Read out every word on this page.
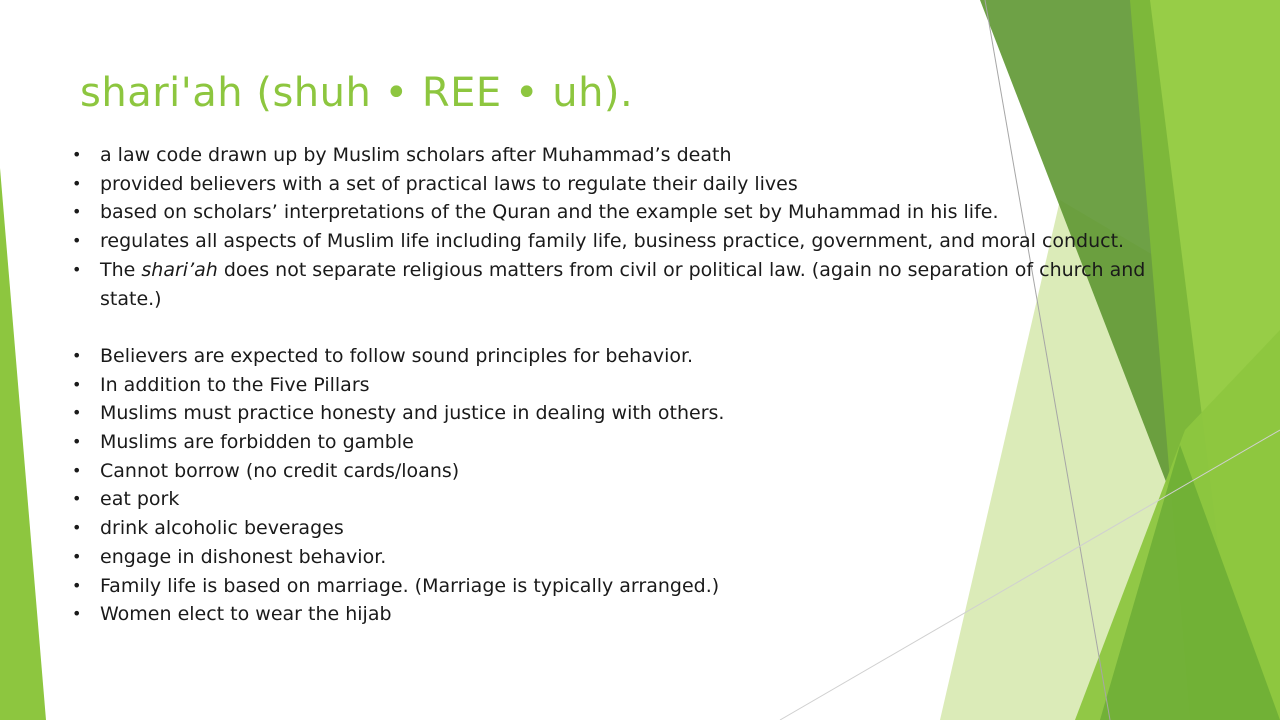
shari'ah (shuh • REE • uh).
• a law code drawn up by Muslim scholars after Muhammad’s death
• provided believers with a set of practical laws to regulate their daily lives
• based on scholars’ interpretations of the Quran and the example set by Muhammad in his life.
• regulates all aspects of Muslim life including family life, business practice, government, and moral conduct.
• The shari’ah does not separate religious matters from civil or political law. (again no separation of church and state.)
• Believers are expected to follow sound principles for behavior.
• In addition to the Five Pillars
• Muslims must practice honesty and justice in dealing with others.
• Muslims are forbidden to gamble
• Cannot borrow (no credit cards/loans)
• eat pork
• drink alcoholic beverages
• engage in dishonest behavior.
• Family life is based on marriage. (Marriage is typically arranged.)
• Women elect to wear the hijab
